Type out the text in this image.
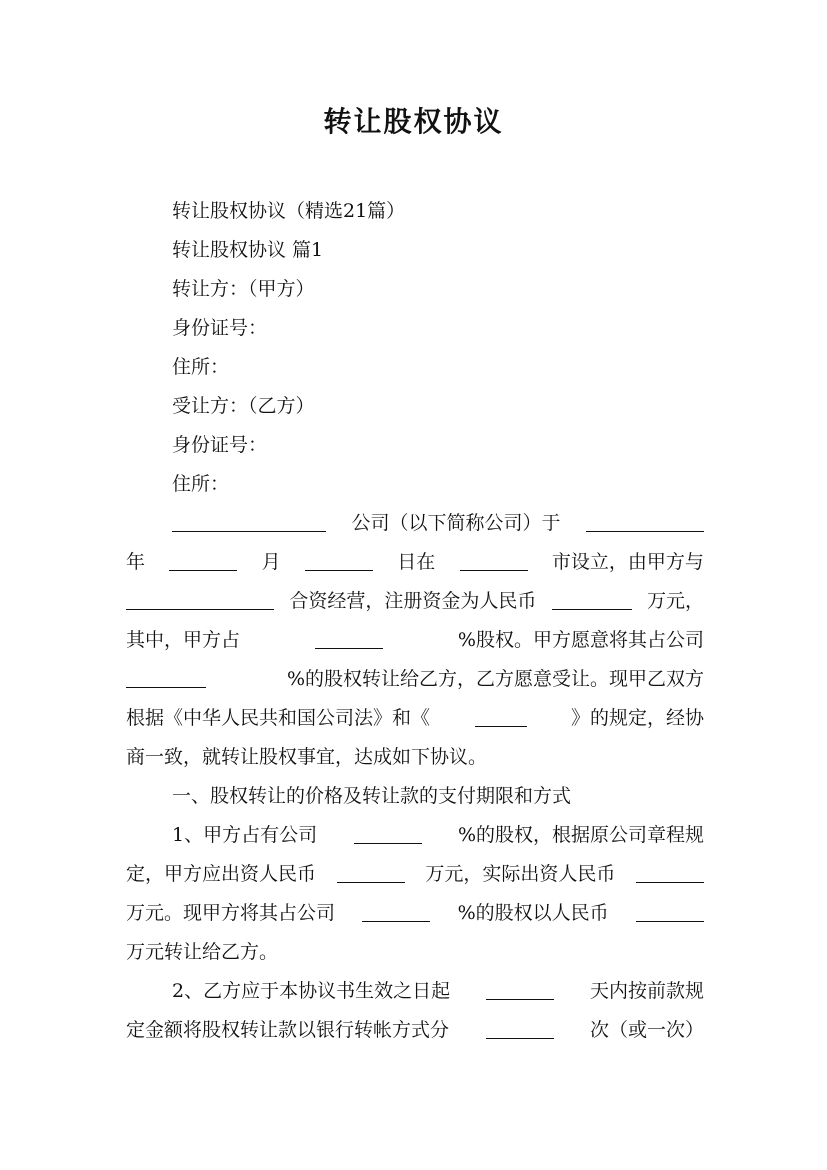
转让股权协议
转让股权协议（精选21篇）
转让股权协议 篇1
转让方：（甲方）
身份证号：
住所：
受让方：（乙方）
身份证号：
住所：
公司（以下简称公司）于
年	月	日在	市设立，由甲方与
合资经营，注册资金为人民币	万元，
其中，甲方占	%股权。甲方愿意将其占公司
%的股权转让给乙方，乙方愿意受让。现甲乙双方
根据《中华人民共和国公司法》和《	》的规定，经协
商一致，就转让股权事宜，达成如下协议。
一、股权转让的价格及转让款的支付期限和方式
1、甲方占有公司	%的股权，根据原公司章程规
定，甲方应出资人民币	万元，实际出资人民币
万元。现甲方将其占公司	%的股权以人民币
万元转让给乙方。
2、乙方应于本协议书生效之日起	天内按前款规
定金额将股权转让款以银行转帐方式分	次（或一次）
